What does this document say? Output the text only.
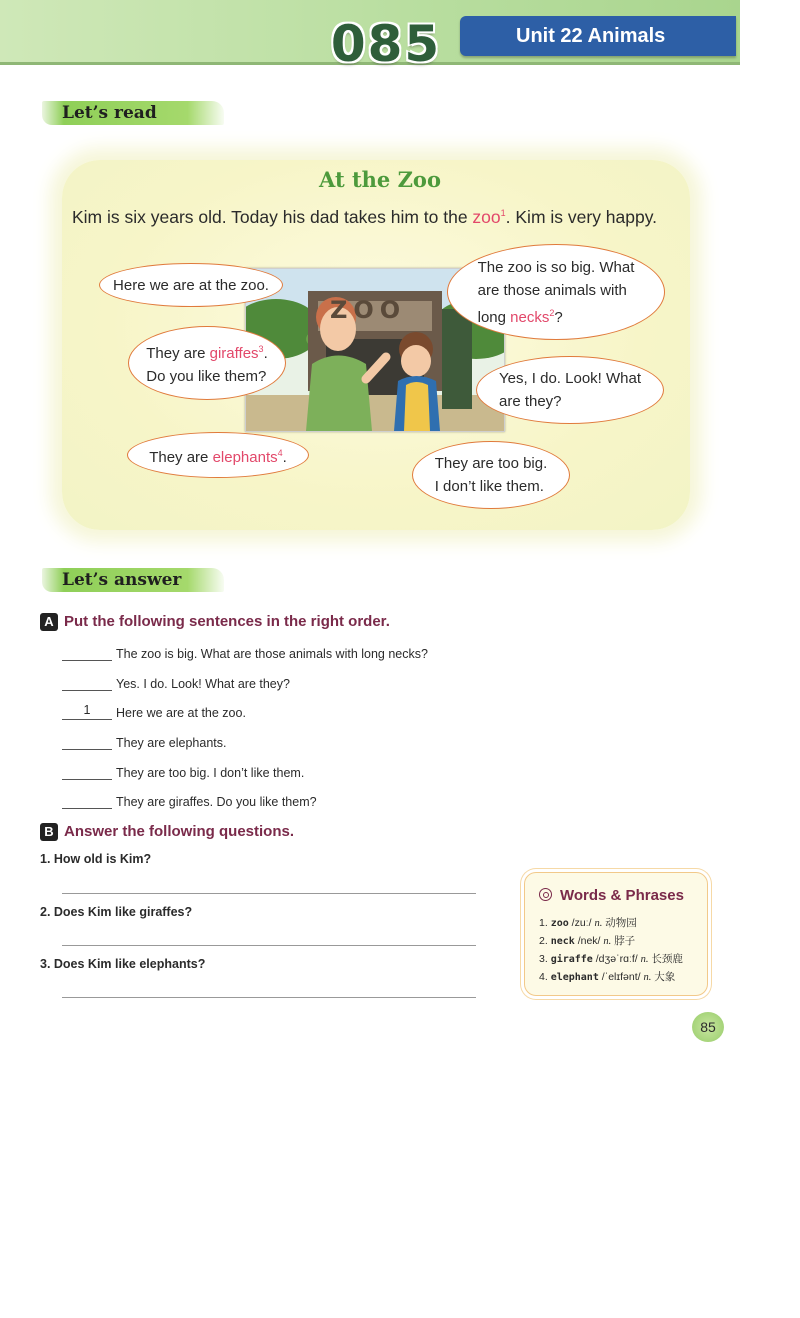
085	Unit 22 Animals
Let’s read
At the Zoo
Kim is six years old. Today his dad takes him to the zoo$^1$. Kim is very happy.
ZOO
Here we are at the zoo.
The zoo is so big. What
are those animals with
long necks$^2$?
They are giraffes$^3$.
Do you like them?	Yes, I do. Look! What
are they?
They are elephants$^4$.	They are too big.
I don’t like them.
Let’s answer
A Put the following sentences in the right order.
The zoo is big. What are those animals with long necks?
Yes. I do. Look! What are they?
1 Here we are at the zoo.
They are elephants.
They are too big. I don’t like them.
They are giraffes. Do you like them?
B Answer the following questions.
1. How old is Kim?
2. Does Kim like giraffes?
3. Does Kim like elephants?
Words & Phrases
1. zoo /zuː/ n. 动物园
2. neck /nek/ n. 脖子
3. giraffe /dʒəˈrɑːf/ n. 长颈鹿
4. elephant /ˈelɪfənt/ n. 大象
85
